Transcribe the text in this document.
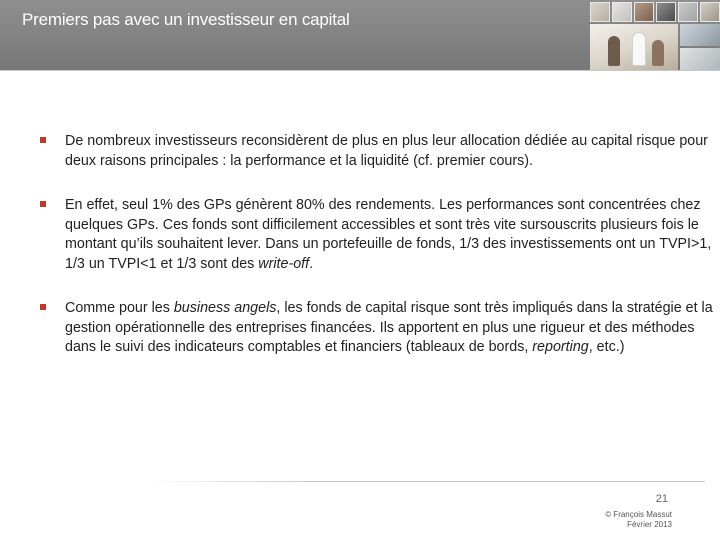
Premiers pas avec un investisseur en capital
De nombreux investisseurs reconsidèrent de plus en plus leur allocation dédiée au capital risque pour deux raisons principales : la performance et la liquidité (cf. premier cours).
En effet, seul 1% des GPs génèrent 80% des rendements. Les performances sont concentrées chez quelques GPs. Ces fonds sont difficilement accessibles et sont très vite sursouscrits plusieurs fois le montant qu’ils souhaitent lever. Dans un portefeuille de fonds, 1/3 des investissements ont un TVPI>1, 1/3 un TVPI<1 et 1/3 sont des write-off.
Comme pour les business angels, les fonds de capital risque sont très impliqués dans la stratégie et la gestion opérationnelle des entreprises financées. Ils apportent en plus une rigueur et des méthodes dans le suivi des indicateurs comptables et financiers (tableaux de bords, reporting, etc.)
21
© François Massut
Février 2013
